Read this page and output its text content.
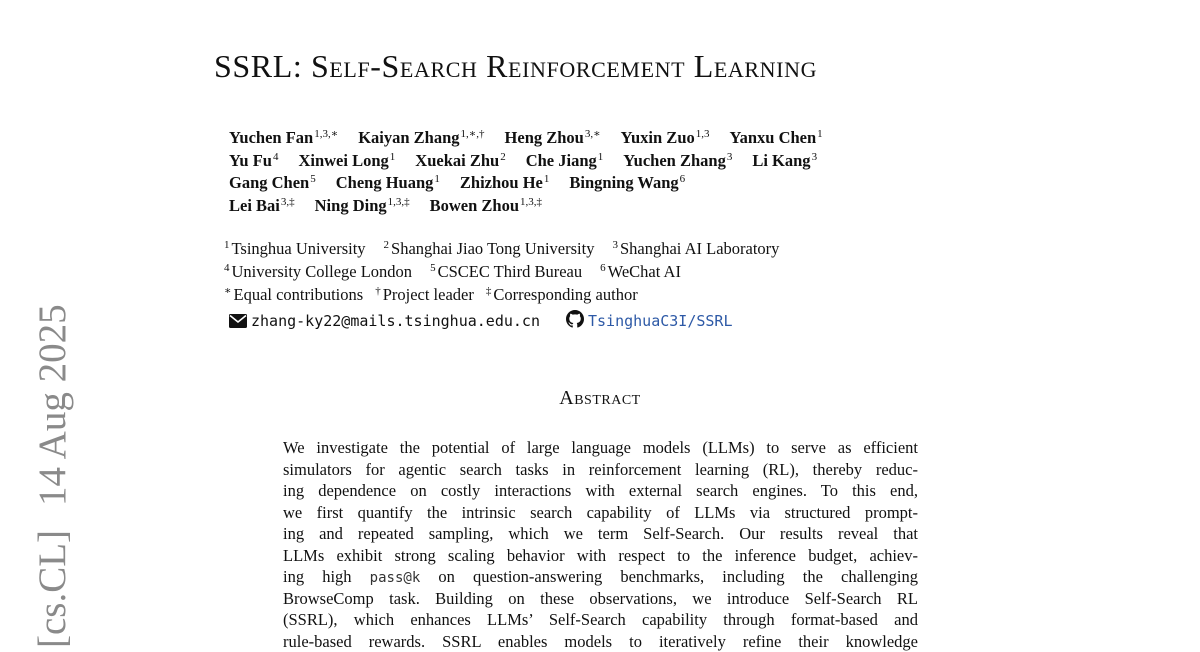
[cs.CL]14 Aug 2025
SSRL: Self-Search Reinforcement Learning
Yuchen Fan$^{1,3,∗}$ Kaiyan Zhang$^{1,∗,\dagger}$ Heng Zhou$^{3,∗}$ Yuxin Zuo$^{1,3}$ Yanxu Chen$^1$
Yu Fu$^4$ Xinwei Long$^1$ Xuekai Zhu$^2$ Che Jiang$^1$ Yuchen Zhang$^3$ Li Kang$^3$
Gang Chen$^5$ Cheng Huang$^1$ Zhizhou He$^1$ Bingning Wang$^6$
Lei Bai$^{3,\ddagger}$ Ning Ding$^{1,3,\ddagger}$ Bowen Zhou$^{1,3,\ddagger}$
$^1$ Tsinghua University $^2$ Shanghai Jiao Tong University $^3$ Shanghai AI Laboratory
$^4$ University College London $^5$ CSCEC Third Bureau $^6$ WeChat AI
∗ Equal contributions † Project leader ‡ Corresponding author
zhang-ky22@mails.tsinghua.edu.cn	TsinghuaC3I/SSRL
Abstract
We investigate the potential of large language models (LLMs) to serve as efficient
simulators for agentic search tasks in reinforcement learning (RL), thereby reduc-
ing dependence on costly interactions with external search engines. To this end,
we first quantify the intrinsic search capability of LLMs via structured prompt-
ing and repeated sampling, which we term Self-Search. Our results reveal that
LLMs exhibit strong scaling behavior with respect to the inference budget, achiev-
ing high pass@k on question-answering benchmarks, including the challenging
BrowseComp task. Building on these observations, we introduce Self-Search RL
(SSRL), which enhances LLMs’ Self-Search capability through format-based and
rule-based rewards. SSRL enables models to iteratively refine their knowledge
